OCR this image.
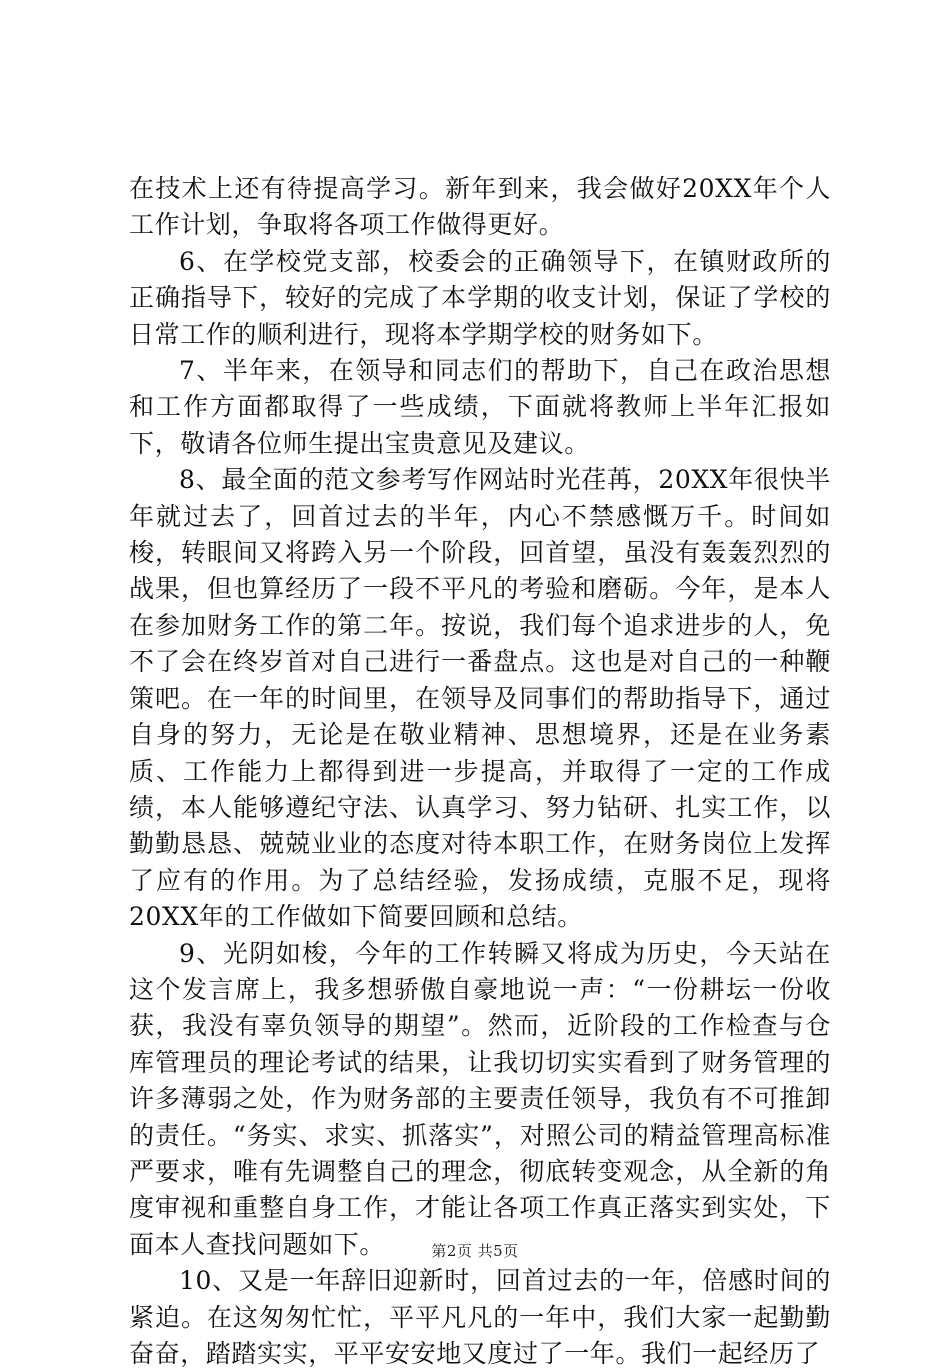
在技术上还有待提高学习。新年到来，我会做好20XX年个人工作计划，争取将各项工作做得更好。

6、在学校党支部，校委会的正确领导下，在镇财政所的正确指导下，较好的完成了本学期的收支计划，保证了学校的日常工作的顺利进行，现将本学期学校的财务如下。

7、半年来，在领导和同志们的帮助下，自己在政治思想和工作方面都取得了一些成绩，下面就将教师上半年汇报如下，敬请各位师生提出宝贵意见及建议。

8、最全面的范文参考写作网站时光荏苒，20XX年很快半年就过去了，回首过去的半年，内心不禁感慨万千。时间如梭，转眼间又将跨入另一个阶段，回首望，虽没有轰轰烈烈的战果，但也算经历了一段不平凡的考验和磨砺。今年，是本人在参加财务工作的第二年。按说，我们每个追求进步的人，免不了会在终岁首对自己进行一番盘点。这也是对自己的一种鞭策吧。在一年的时间里，在领导及同事们的帮助指导下，通过自身的努力，无论是在敬业精神、思想境界，还是在业务素质、工作能力上都得到进一步提高，并取得了一定的工作成绩，本人能够遵纪守法、认真学习、努力钻研、扎实工作，以勤勤恳恳、兢兢业业的态度对待本职工作，在财务岗位上发挥了应有的作用。为了总结经验，发扬成绩，克服不足，现将20XX年的工作做如下简要回顾和总结。

9、光阴如梭，今年的工作转瞬又将成为历史，今天站在这个发言席上，我多想骄傲自豪地说一声：“一份耕坛一份收获，我没有辜负领导的期望”。然而，近阶段的工作检查与仓库管理员的理论考试的结果，让我切切实实看到了财务管理的许多薄弱之处，作为财务部的主要责任领导，我负有不可推卸的责任。“务实、求实、抓落实”，对照公司的精益管理高标准严要求，唯有先调整自己的理念，彻底转变观念，从全新的角度审视和重整自身工作，才能让各项工作真正落实到实处，下面本人查找问题如下。

10、又是一年辞旧迎新时，回首过去的一年，倍感时间的紧迫。在这匆匆忙忙，平平凡凡的一年中，我们大家一起勤勤奋奋，踏踏实实，平平安安地又度过了一年。我们一起经历了

第2页 共5页
